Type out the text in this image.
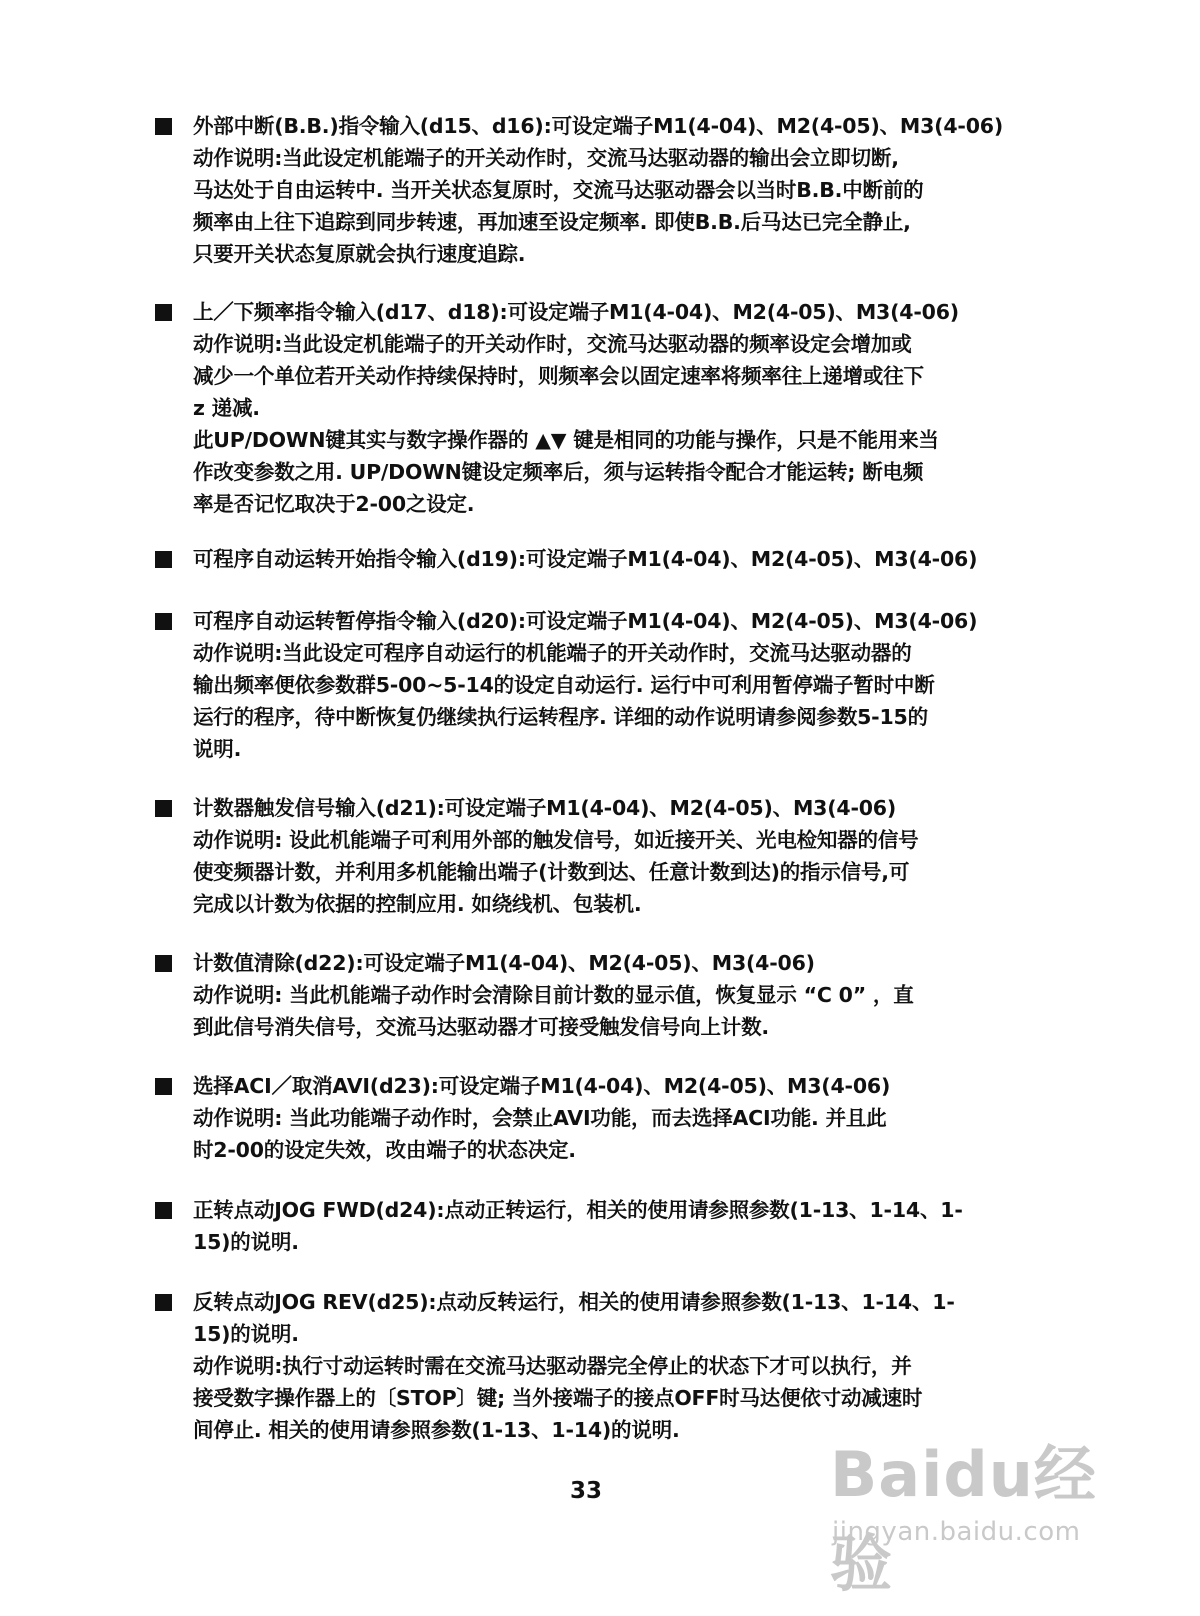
外部中断(B.B.)指令输入(d15、d16):可设定端子M1(4-04)、M2(4-05)、M3(4-06)
动作说明:当此设定机能端子的开关动作时，交流马达驱动器的输出会立即切断,
马达处于自由运转中. 当开关状态复原时，交流马达驱动器会以当时B.B.中断前的
频率由上往下追踪到同步转速，再加速至设定频率. 即使B.B.后马达已完全静止,
只要开关状态复原就会执行速度追踪.
上／下频率指令输入(d17、d18):可设定端子M1(4-04)、M2(4-05)、M3(4-06)
动作说明:当此设定机能端子的开关动作时，交流马达驱动器的频率设定会增加或
减少一个单位若开关动作持续保持时，则频率会以固定速率将频率往上递增或往下
z 递减.
此UP/DOWN键其实与数字操作器的 ▲▼ 键是相同的功能与操作，只是不能用来当
作改变参数之用. UP/DOWN键设定频率后，须与运转指令配合才能运转; 断电频
率是否记忆取决于2-00之设定.
可程序自动运转开始指令输入(d19):可设定端子M1(4-04)、M2(4-05)、M3(4-06)
可程序自动运转暂停指令输入(d20):可设定端子M1(4-04)、M2(4-05)、M3(4-06)
动作说明:当此设定可程序自动运行的机能端子的开关动作时，交流马达驱动器的
输出频率便依参数群5-00~5-14的设定自动运行. 运行中可利用暂停端子暂时中断
运行的程序，待中断恢复仍继续执行运转程序. 详细的动作说明请参阅参数5-15的
说明.
计数器触发信号输入(d21):可设定端子M1(4-04)、M2(4-05)、M3(4-06)
动作说明: 设此机能端子可利用外部的触发信号，如近接开关、光电检知器的信号
使变频器计数，并利用多机能输出端子(计数到达、任意计数到达)的指示信号,可
完成以计数为依据的控制应用. 如绕线机、包装机.
计数值清除(d22):可设定端子M1(4-04)、M2(4-05)、M3(4-06)
动作说明: 当此机能端子动作时会清除目前计数的显示值，恢复显示 “C 0” ，直
到此信号消失信号，交流马达驱动器才可接受触发信号向上计数.
选择ACI／取消AVI(d23):可设定端子M1(4-04)、M2(4-05)、M3(4-06)
动作说明: 当此功能端子动作时，会禁止AVI功能，而去选择ACI功能. 并且此
时2-00的设定失效，改由端子的状态决定.
正转点动JOG FWD(d24):点动正转运行，相关的使用请参照参数(1-13、1-14、1-
15)的说明.
反转点动JOG REV(d25):点动反转运行，相关的使用请参照参数(1-13、1-14、1-
15)的说明.
动作说明:执行寸动运转时需在交流马达驱动器完全停止的状态下才可以执行，并
接受数字操作器上的〔STOP〕键; 当外接端子的接点OFF时马达便依寸动减速时
间停止. 相关的使用请参照参数(1-13、1-14)的说明.
33	Baidu经验
jingyan.baidu.com
